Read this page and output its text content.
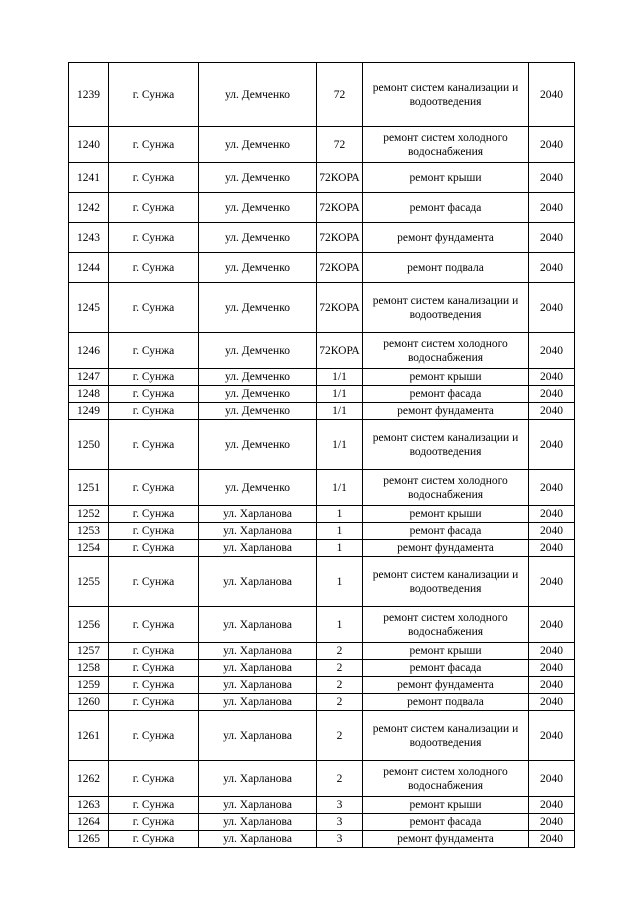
1239	г. Сунжа	ул. Демченко	72	ремонт систем канализации и водоотведения	2040
1240	г. Сунжа	ул. Демченко	72	ремонт систем холодного водоснабжения	2040
1241	г. Сунжа	ул. Демченко	72КОРА	ремонт крыши	2040
1242	г. Сунжа	ул. Демченко	72КОРА	ремонт фасада	2040
1243	г. Сунжа	ул. Демченко	72КОРА	ремонт фундамента	2040
1244	г. Сунжа	ул. Демченко	72КОРА	ремонт подвала	2040
1245	г. Сунжа	ул. Демченко	72КОРА	ремонт систем канализации и водоотведения	2040
1246	г. Сунжа	ул. Демченко	72КОРА	ремонт систем холодного водоснабжения	2040
1247	г. Сунжа	ул. Демченко	1/1	ремонт крыши	2040
1248	г. Сунжа	ул. Демченко	1/1	ремонт фасада	2040
1249	г. Сунжа	ул. Демченко	1/1	ремонт фундамента	2040
1250	г. Сунжа	ул. Демченко	1/1	ремонт систем канализации и водоотведения	2040
1251	г. Сунжа	ул. Демченко	1/1	ремонт систем холодного водоснабжения	2040
1252	г. Сунжа	ул. Харланова	1	ремонт крыши	2040
1253	г. Сунжа	ул. Харланова	1	ремонт фасада	2040
1254	г. Сунжа	ул. Харланова	1	ремонт фундамента	2040
1255	г. Сунжа	ул. Харланова	1	ремонт систем канализации и водоотведения	2040
1256	г. Сунжа	ул. Харланова	1	ремонт систем холодного водоснабжения	2040
1257	г. Сунжа	ул. Харланова	2	ремонт крыши	2040
1258	г. Сунжа	ул. Харланова	2	ремонт фасада	2040
1259	г. Сунжа	ул. Харланова	2	ремонт фундамента	2040
1260	г. Сунжа	ул. Харланова	2	ремонт подвала	2040
1261	г. Сунжа	ул. Харланова	2	ремонт систем канализации и водоотведения	2040
1262	г. Сунжа	ул. Харланова	2	ремонт систем холодного водоснабжения	2040
1263	г. Сунжа	ул. Харланова	3	ремонт крыши	2040
1264	г. Сунжа	ул. Харланова	3	ремонт фасада	2040
1265	г. Сунжа	ул. Харланова	3	ремонт фундамента	2040
